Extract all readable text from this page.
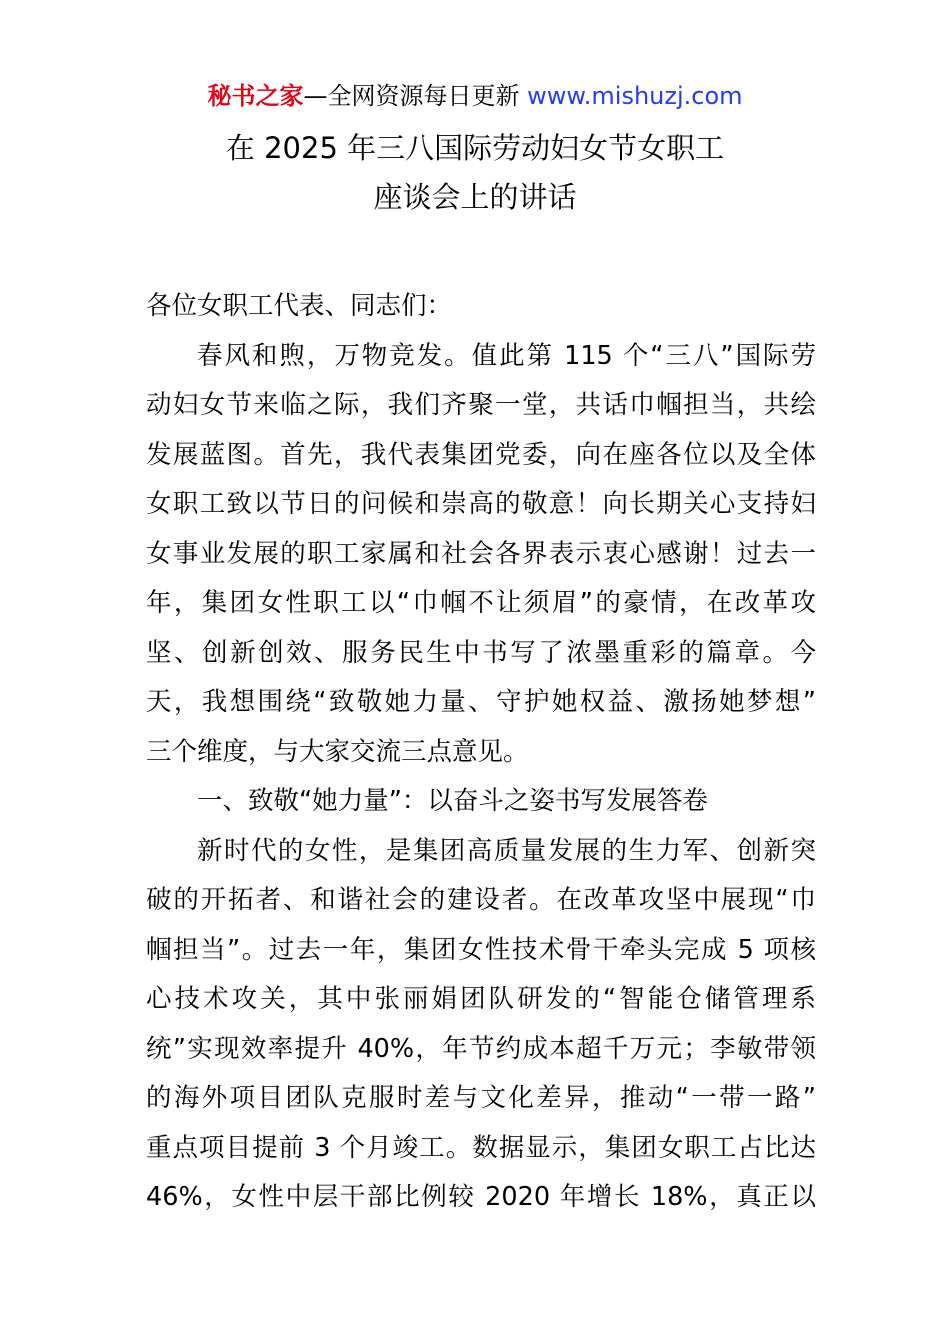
秘书之家—全网资源每日更新 www.mishuzj.com
在 2025 年三八国际劳动妇女节女职工
座谈会上的讲话
各位女职工代表、同志们：
春风和煦，万物竞发。值此第 115 个“三八”国际劳
动妇女节来临之际，我们齐聚一堂，共话巾帼担当，共绘
发展蓝图。首先，我代表集团党委，向在座各位以及全体
女职工致以节日的问候和崇高的敬意！向长期关心支持妇
女事业发展的职工家属和社会各界表示衷心感谢！过去一
年，集团女性职工以“巾帼不让须眉”的豪情，在改革攻
坚、创新创效、服务民生中书写了浓墨重彩的篇章。今
天，我想围绕“致敬她力量、守护她权益、激扬她梦想”
三个维度，与大家交流三点意见。
一、致敬“她力量”：以奋斗之姿书写发展答卷
新时代的女性，是集团高质量发展的生力军、创新突
破的开拓者、和谐社会的建设者。在改革攻坚中展现“巾
帼担当”。过去一年，集团女性技术骨干牵头完成 5 项核
心技术攻关，其中张丽娟团队研发的“智能仓储管理系
统”实现效率提升 40%，年节约成本超千万元；李敏带领
的海外项目团队克服时差与文化差异，推动“一带一路”
重点项目提前 3 个月竣工。数据显示，集团女职工占比达
46%，女性中层干部比例较 2020 年增长 18%，真正以
